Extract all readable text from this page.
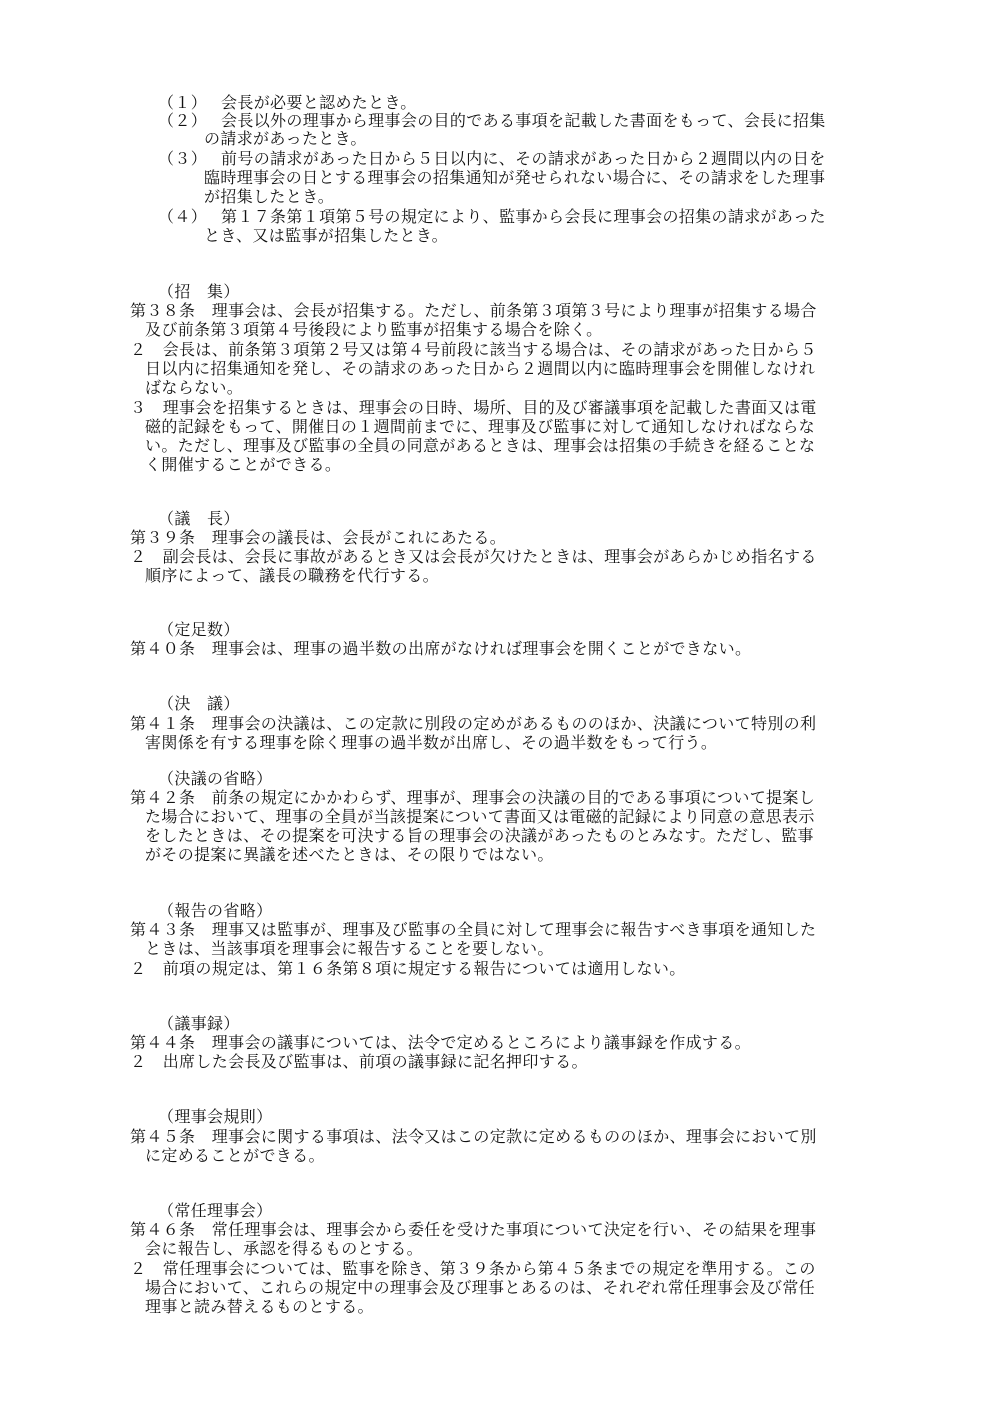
（１） 会長が必要と認めたとき。
（２） 会長以外の理事から理事会の目的である事項を記載した書面をもって、会長に招集
の請求があったとき。
（３） 前号の請求があった日から５日以内に、その請求があった日から２週間以内の日を
臨時理事会の日とする理事会の招集通知が発せられない場合に、その請求をした理事
が招集したとき。
（４） 第１７条第１項第５号の規定により、監事から会長に理事会の招集の請求があった
とき、又は監事が招集したとき。
（招　集）
第３８条　理事会は、会長が招集する。ただし、前条第３項第３号により理事が招集する場合
及び前条第３項第４号後段により監事が招集する場合を除く。
２　会長は、前条第３項第２号又は第４号前段に該当する場合は、その請求があった日から５
日以内に招集通知を発し、その請求のあった日から２週間以内に臨時理事会を開催しなけれ
ばならない。
３　理事会を招集するときは、理事会の日時、場所、目的及び審議事項を記載した書面又は電
磁的記録をもって、開催日の１週間前までに、理事及び監事に対して通知しなければならな
い。ただし、理事及び監事の全員の同意があるときは、理事会は招集の手続きを経ることな
く開催することができる。
（議　長）
第３９条　理事会の議長は、会長がこれにあたる。
２　副会長は、会長に事故があるとき又は会長が欠けたときは、理事会があらかじめ指名する
順序によって、議長の職務を代行する。
（定足数）
第４０条　理事会は、理事の過半数の出席がなければ理事会を開くことができない。
（決　議）
第４１条　理事会の決議は、この定款に別段の定めがあるもののほか、決議について特別の利
害関係を有する理事を除く理事の過半数が出席し、その過半数をもって行う。
（決議の省略）
第４２条　前条の規定にかかわらず、理事が、理事会の決議の目的である事項について提案し
た場合において、理事の全員が当該提案について書面又は電磁的記録により同意の意思表示
をしたときは、その提案を可決する旨の理事会の決議があったものとみなす。ただし、監事
がその提案に異議を述べたときは、その限りではない。
（報告の省略）
第４３条　理事又は監事が、理事及び監事の全員に対して理事会に報告すべき事項を通知した
ときは、当該事項を理事会に報告することを要しない。
２　前項の規定は、第１６条第８項に規定する報告については適用しない。
（議事録）
第４４条　理事会の議事については、法令で定めるところにより議事録を作成する。
２　出席した会長及び監事は、前項の議事録に記名押印する。
（理事会規則）
第４５条　理事会に関する事項は、法令又はこの定款に定めるもののほか、理事会において別
に定めることができる。
（常任理事会）
第４６条　常任理事会は、理事会から委任を受けた事項について決定を行い、その結果を理事
会に報告し、承認を得るものとする。
２　常任理事会については、監事を除き、第３９条から第４５条までの規定を準用する。この
場合において、これらの規定中の理事会及び理事とあるのは、それぞれ常任理事会及び常任
理事と読み替えるものとする。
